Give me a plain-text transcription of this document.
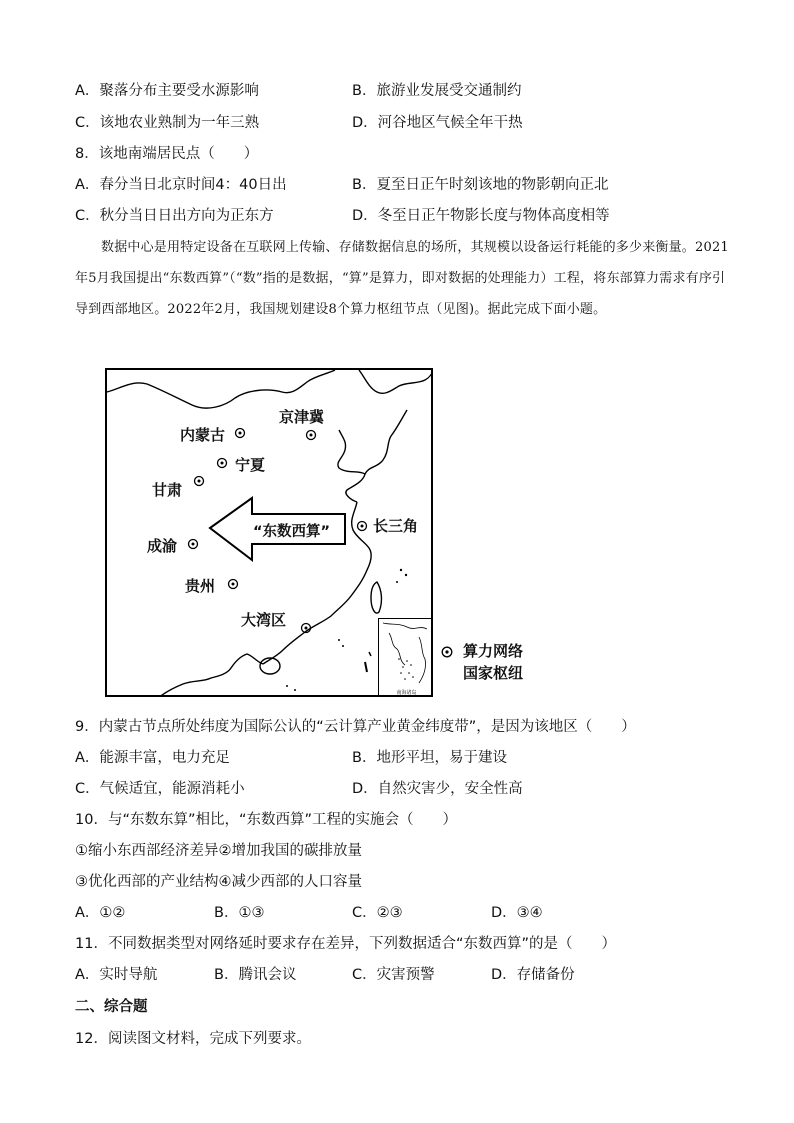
A．聚落分布主要受水源影响	B．旅游业发展受交通制约
C．该地农业熟制为一年三熟	D．河谷地区气候全年干热
8．该地南端居民点（　　）
A．春分当日北京时间4：40日出	B．夏至日正午时刻该地的物影朝向正北
C．秋分当日日出方向为正东方	D．冬至日正午物影长度与物体高度相等
数据中心是用特定设备在互联网上传输、存储数据信息的场所，其规模以设备运行耗能的多少来衡量。2021年5月我国提出“东数西算”（“数”指的是数据，“算”是算力，即对数据的处理能力）工程，将东部算力需求有序引导到西部地区。2022年2月，我国规划建设8个算力枢纽节点（见图)。据此完成下面小题。
京津冀
内蒙古
宁夏
甘肃
成渝
长三角
贵州
大湾区
“东数西算”
南海诸岛
算力网络
国家枢纽
9．内蒙古节点所处纬度为国际公认的“云计算产业黄金纬度带”，是因为该地区（　　）
A．能源丰富，电力充足	B．地形平坦，易于建设
C．气候适宜，能源消耗小	D．自然灾害少，安全性高
10．与“东数东算”相比，“东数西算”工程的实施会（　　）
①缩小东西部经济差异②增加我国的碳排放量
③优化西部的产业结构④减少西部的人口容量
A．①②	B．①③	C．②③	D．③④
11．不同数据类型对网络延时要求存在差异，下列数据适合“东数西算”的是（　　）
A．实时导航	B．腾讯会议	C．灾害预警	D．存储备份
二、综合题
12．阅读图文材料，完成下列要求。
